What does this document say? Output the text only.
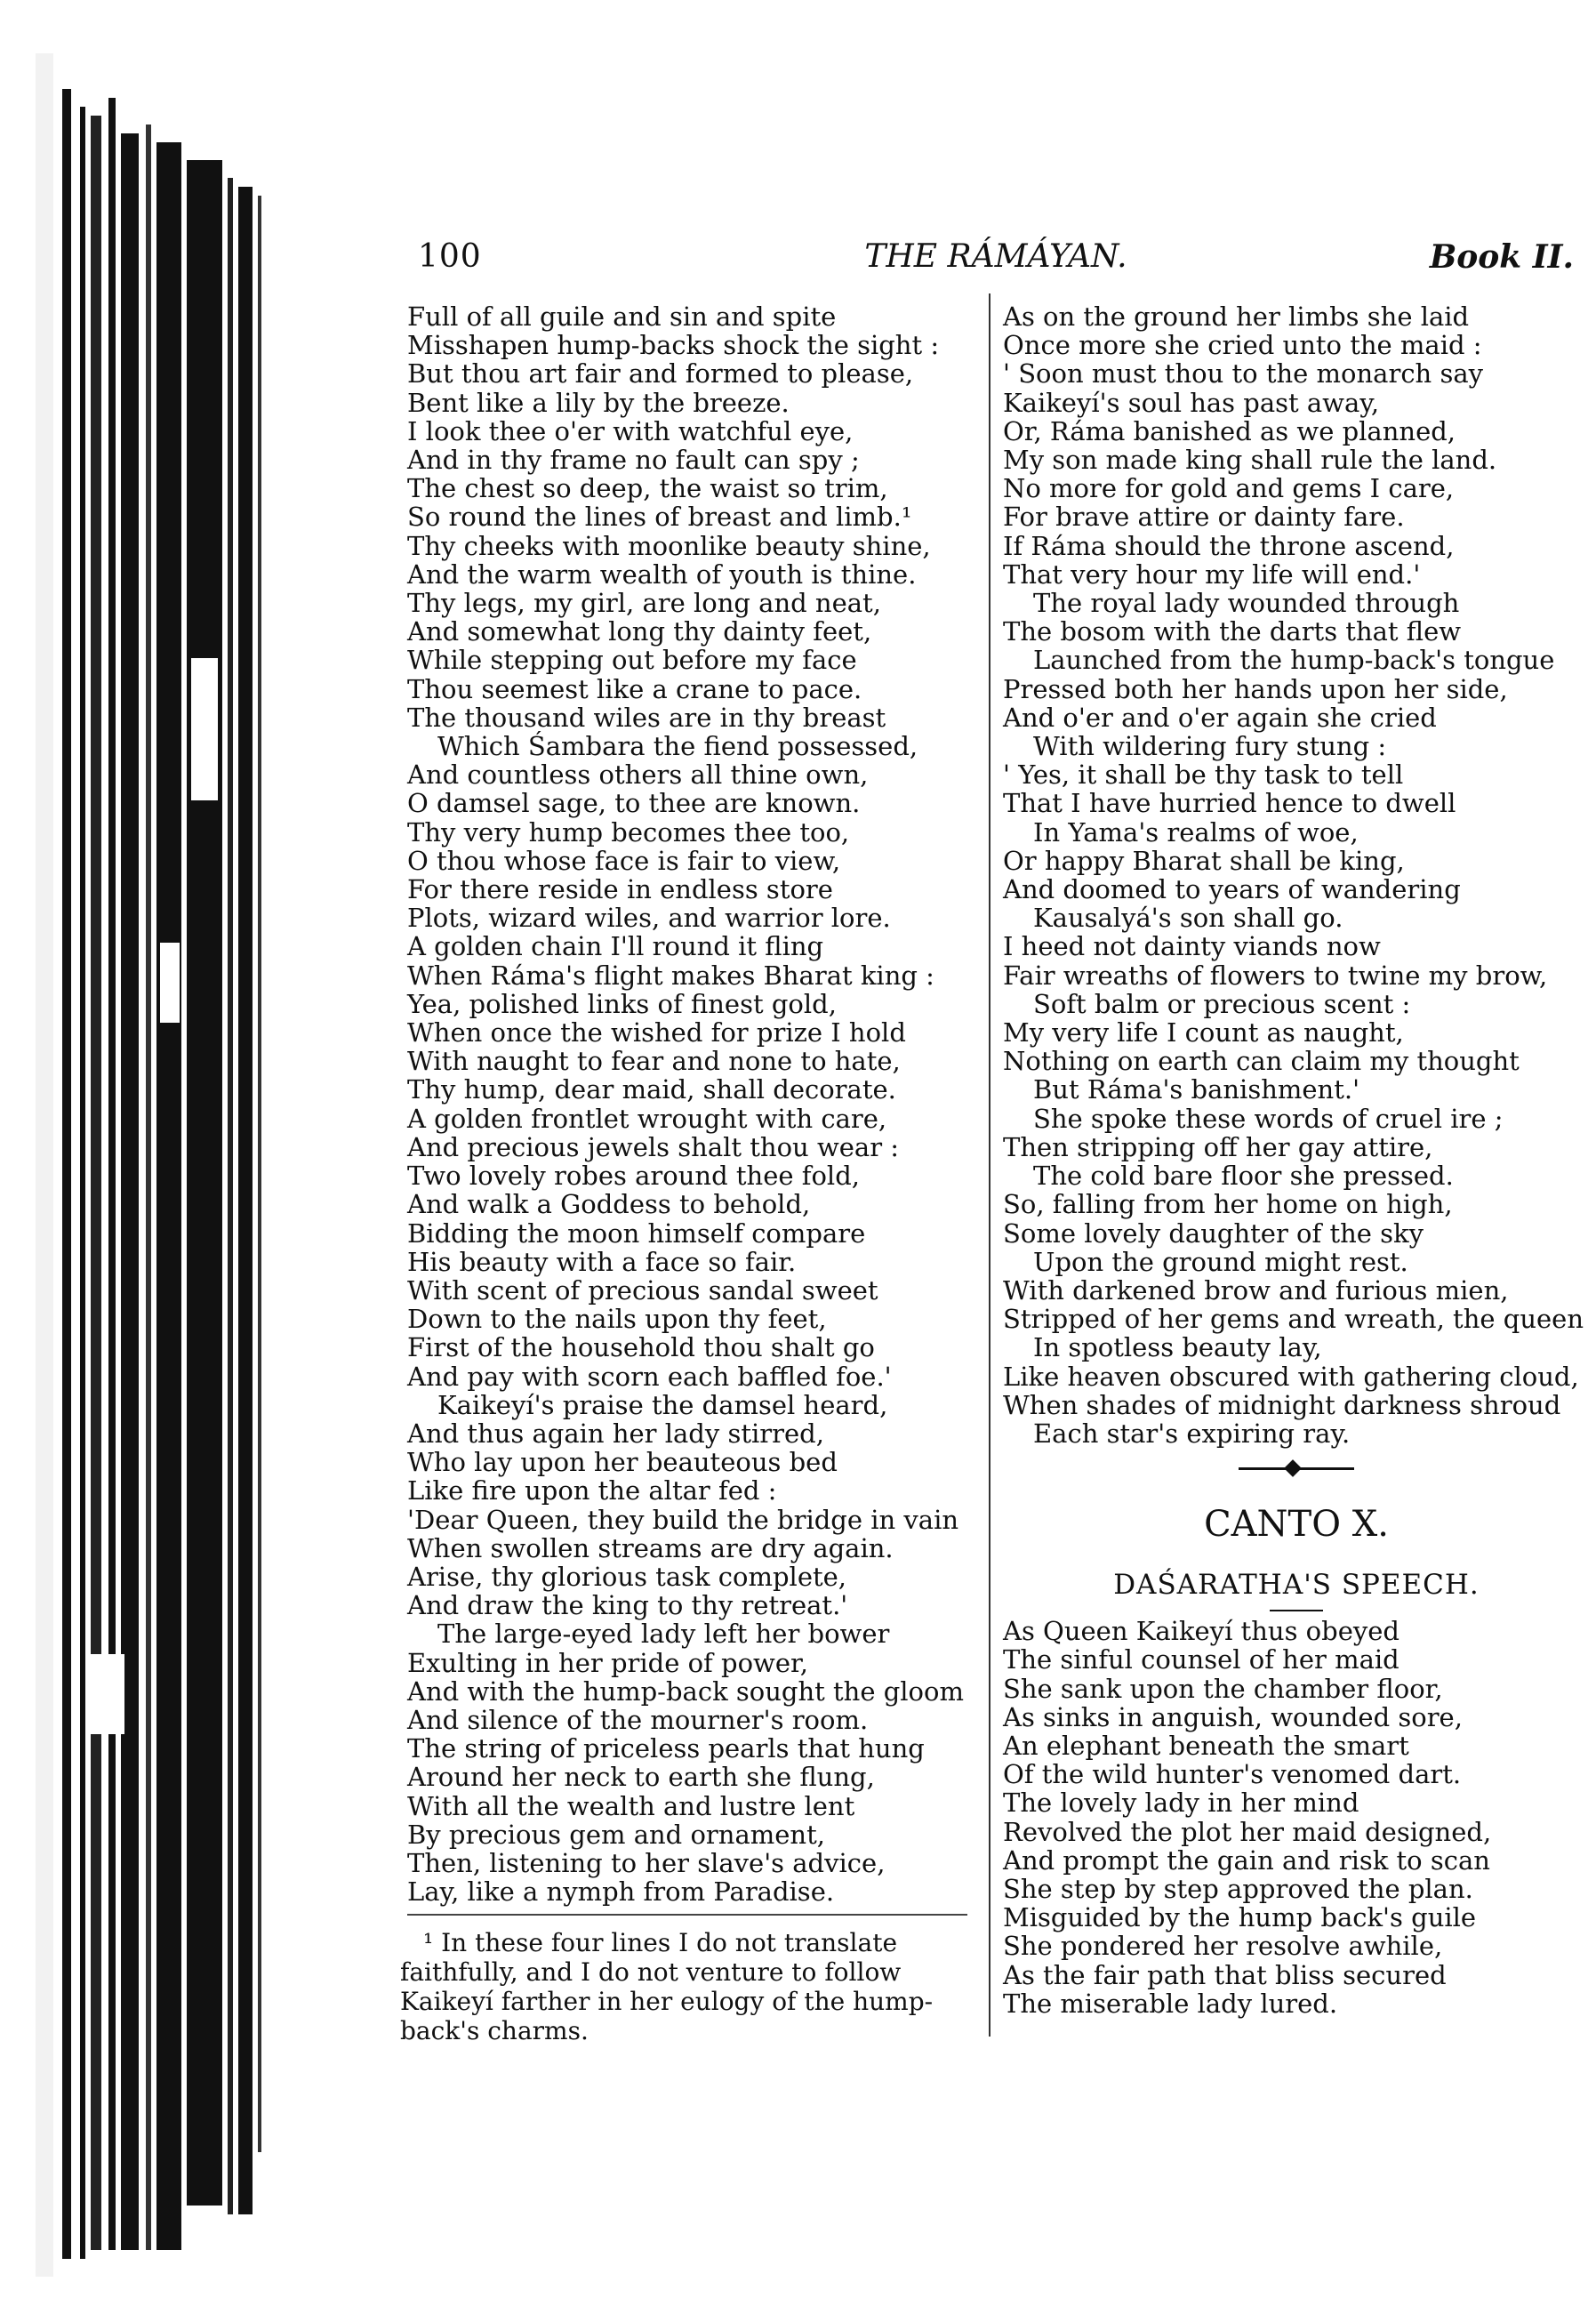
100	THE RÁMÁYAN.	Book II.
Full of all guile and sin and spite
Misshapen hump-backs shock the sight :
But thou art fair and formed to please,
Bent like a lily by the breeze.
I look thee o'er with watchful eye,
And in thy frame no fault can spy ;
The chest so deep, the waist so trim,
So round the lines of breast and limb.¹
Thy cheeks with moonlike beauty shine,
And the warm wealth of youth is thine.
Thy legs, my girl, are long and neat,
And somewhat long thy dainty feet,
While stepping out before my face
Thou seemest like a crane to pace.
The thousand wiles are in thy breast
Which Śambara the fiend possessed,
And countless others all thine own,
O damsel sage, to thee are known.
Thy very hump becomes thee too,
O thou whose face is fair to view,
For there reside in endless store
Plots, wizard wiles, and warrior lore.
A golden chain I'll round it fling
When Ráma's flight makes Bharat king :
Yea, polished links of finest gold,
When once the wished for prize I hold
With naught to fear and none to hate,
Thy hump, dear maid, shall decorate.
A golden frontlet wrought with care,
And precious jewels shalt thou wear :
Two lovely robes around thee fold,
And walk a Goddess to behold,
Bidding the moon himself compare
His beauty with a face so fair.
With scent of precious sandal sweet
Down to the nails upon thy feet,
First of the household thou shalt go
And pay with scorn each baffled foe.'
Kaikeyí's praise the damsel heard,
And thus again her lady stirred,
Who lay upon her beauteous bed
Like fire upon the altar fed :
'Dear Queen, they build the bridge in vain
When swollen streams are dry again.
Arise, thy glorious task complete,
And draw the king to thy retreat.'
The large-eyed lady left her bower
Exulting in her pride of power,
And with the hump-back sought the gloom
And silence of the mourner's room.
The string of priceless pearls that hung
Around her neck to earth she flung,
With all the wealth and lustre lent
By precious gem and ornament,
Then, listening to her slave's advice,
Lay, like a nymph from Paradise.
¹ In these four lines I do not translate
faithfully, and I do not venture to follow
Kaikeyí farther in her eulogy of the hump-
back's charms.
As on the ground her limbs she laid
Once more she cried unto the maid :
' Soon must thou to the monarch say
Kaikeyí's soul has past away,
Or, Ráma banished as we planned,
My son made king shall rule the land.
No more for gold and gems I care,
For brave attire or dainty fare.
If Ráma should the throne ascend,
That very hour my life will end.'
The royal lady wounded through
The bosom with the darts that flew
Launched from the hump-back's tongue
Pressed both her hands upon her side,
And o'er and o'er again she cried
With wildering fury stung :
' Yes, it shall be thy task to tell
That I have hurried hence to dwell
In Yama's realms of woe,
Or happy Bharat shall be king,
And doomed to years of wandering
Kausalyá's son shall go.
I heed not dainty viands now
Fair wreaths of flowers to twine my brow,
Soft balm or precious scent :
My very life I count as naught,
Nothing on earth can claim my thought
But Ráma's banishment.'
She spoke these words of cruel ire ;
Then stripping off her gay attire,
The cold bare floor she pressed.
So, falling from her home on high,
Some lovely daughter of the sky
Upon the ground might rest.
With darkened brow and furious mien,
Stripped of her gems and wreath, the queen
In spotless beauty lay,
Like heaven obscured with gathering cloud,
When shades of midnight darkness shroud
Each star's expiring ray.
CANTO X.
DAŚARATHA'S SPEECH.
As Queen Kaikeyí thus obeyed
The sinful counsel of her maid
She sank upon the chamber floor,
As sinks in anguish, wounded sore,
An elephant beneath the smart
Of the wild hunter's venomed dart.
The lovely lady in her mind
Revolved the plot her maid designed,
And prompt the gain and risk to scan
She step by step approved the plan.
Misguided by the hump back's guile
She pondered her resolve awhile,
As the fair path that bliss secured
The miserable lady lured.
